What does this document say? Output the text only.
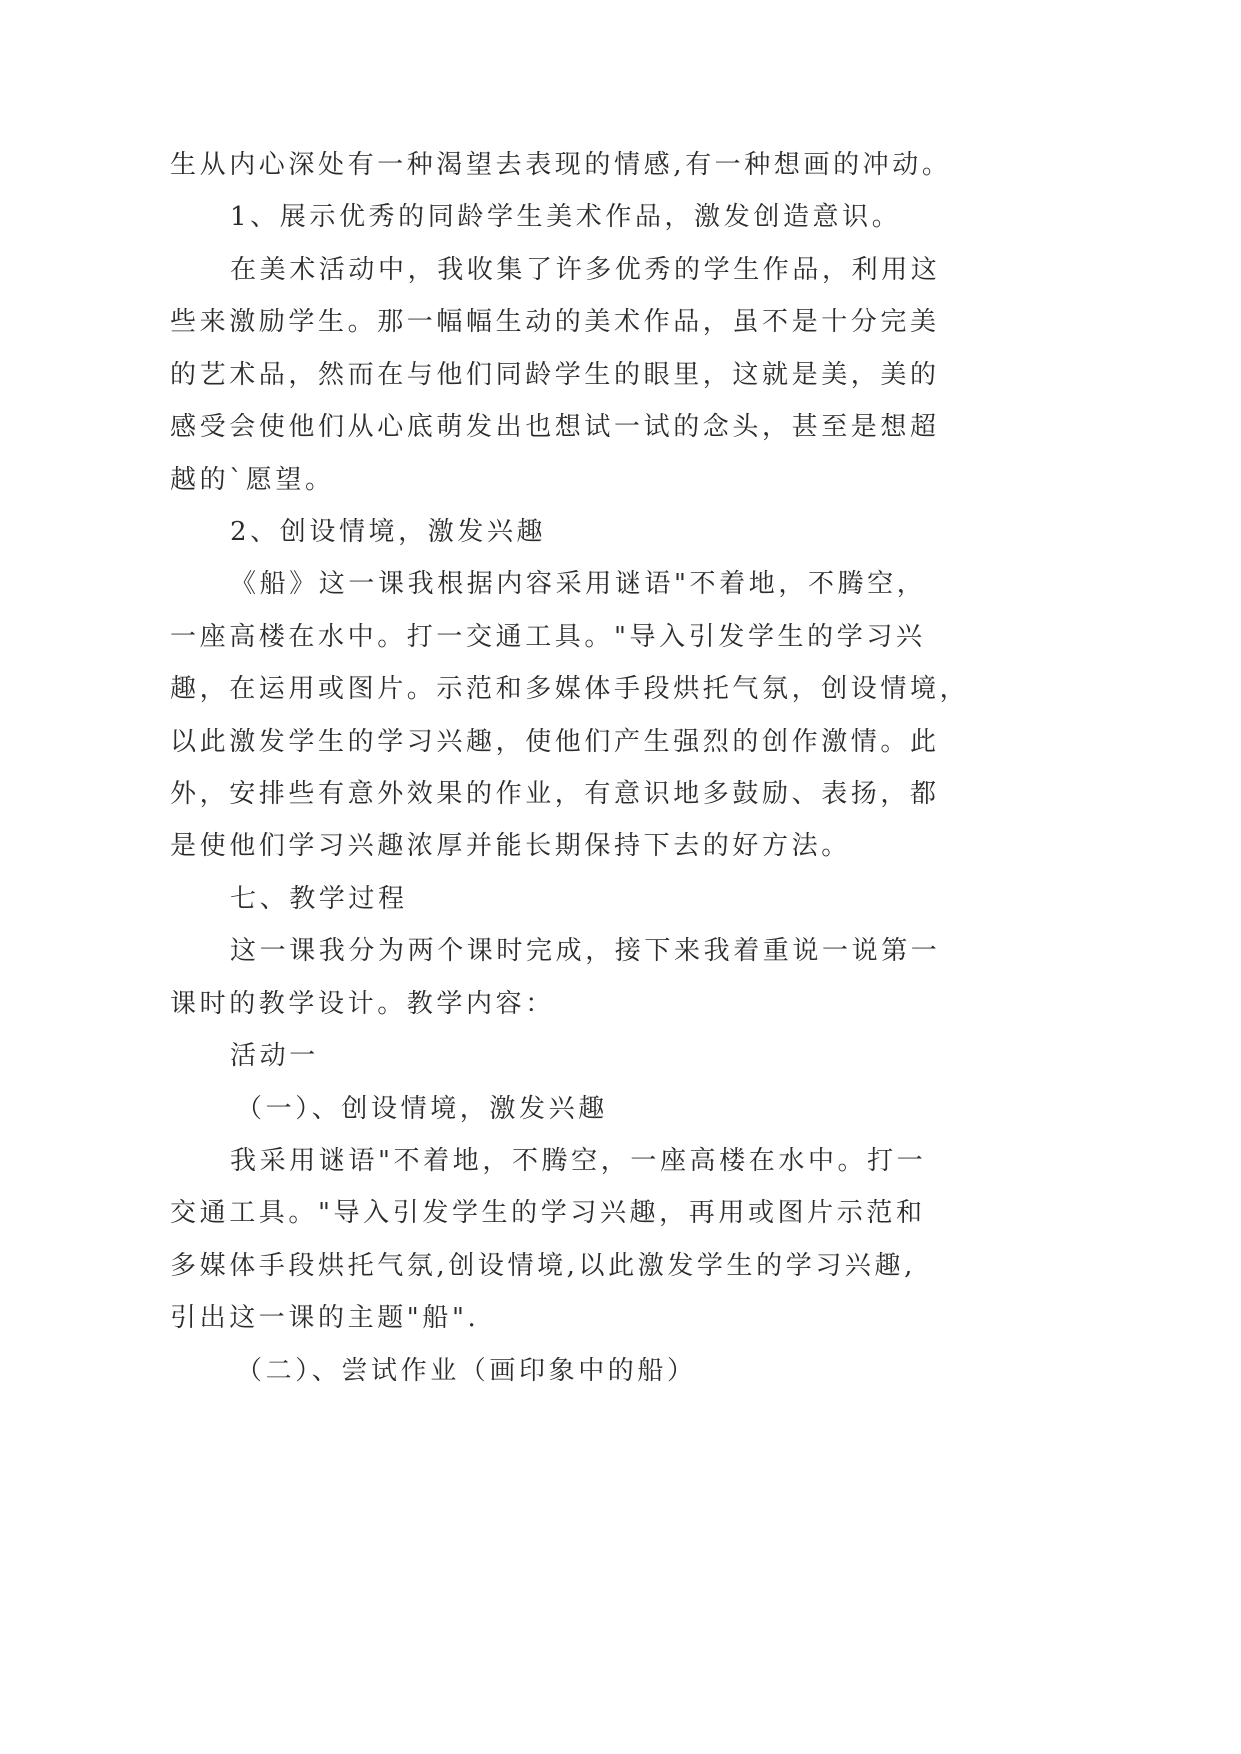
生从内心深处有一种渴望去表现的情感,有一种想画的冲动。
1、展示优秀的同龄学生美术作品，激发创造意识。
在美术活动中，我收集了许多优秀的学生作品，利用这
些来激励学生。那一幅幅生动的美术作品，虽不是十分完美
的艺术品，然而在与他们同龄学生的眼里，这就是美，美的
感受会使他们从心底萌发出也想试一试的念头，甚至是想超
越的`愿望。
2、创设情境，激发兴趣
《船》这一课我根据内容采用谜语"不着地，不腾空，
一座高楼在水中。打一交通工具。"导入引发学生的学习兴
趣，在运用或图片。示范和多媒体手段烘托气氛，创设情境，
以此激发学生的学习兴趣，使他们产生强烈的创作激情。此
外，安排些有意外效果的作业，有意识地多鼓励、表扬，都
是使他们学习兴趣浓厚并能长期保持下去的好方法。
七、教学过程
这一课我分为两个课时完成，接下来我着重说一说第一
课时的教学设计。教学内容：
活动一
（一）、创设情境，激发兴趣
我采用谜语"不着地，不腾空，一座高楼在水中。打一
交通工具。"导入引发学生的学习兴趣，再用或图片示范和
多媒体手段烘托气氛,创设情境,以此激发学生的学习兴趣,
引出这一课的主题"船".
（二）、尝试作业（画印象中的船）
